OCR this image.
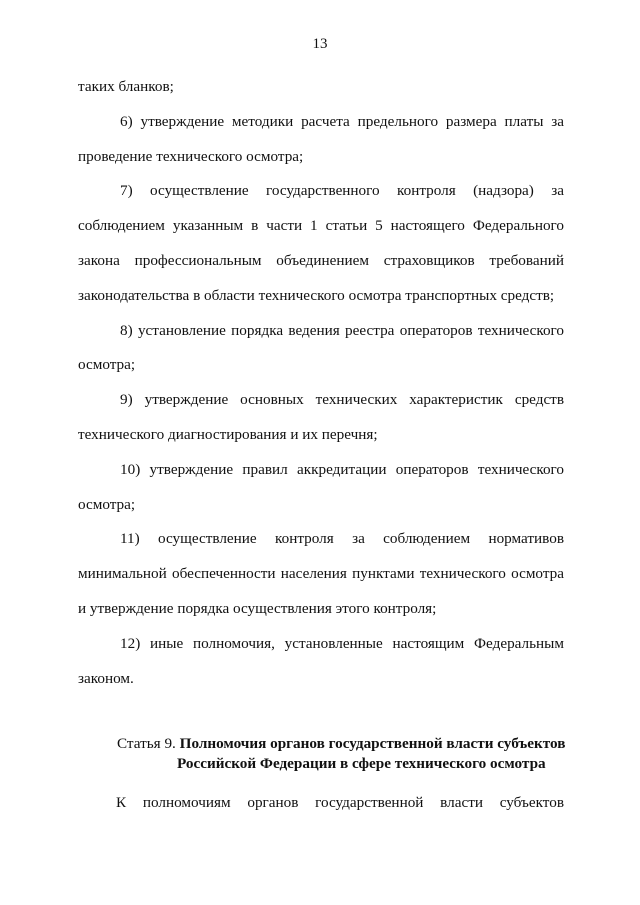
13

таких бланков;

6) утверждение методики расчета предельного размера платы за проведение технического осмотра;

7) осуществление государственного контроля (надзора) за соблюдением указанным в части 1 статьи 5 настоящего Федерального закона профессиональным объединением страховщиков требований законодательства в области технического осмотра транспортных средств;

8) установление порядка ведения реестра операторов технического осмотра;

9) утверждение основных технических характеристик средств технического диагностирования и их перечня;

10) утверждение правил аккредитации операторов технического осмотра;

11) осуществление контроля за соблюдением нормативов минимальной обеспеченности населения пунктами технического осмотра и утверждение порядка осуществления этого контроля;

12) иные полномочия, установленные настоящим Федеральным законом.

Статья 9. Полномочия органов государственной власти субъектов
Российской Федерации в сфере технического осмотра

К полномочиям органов государственной власти субъектов
